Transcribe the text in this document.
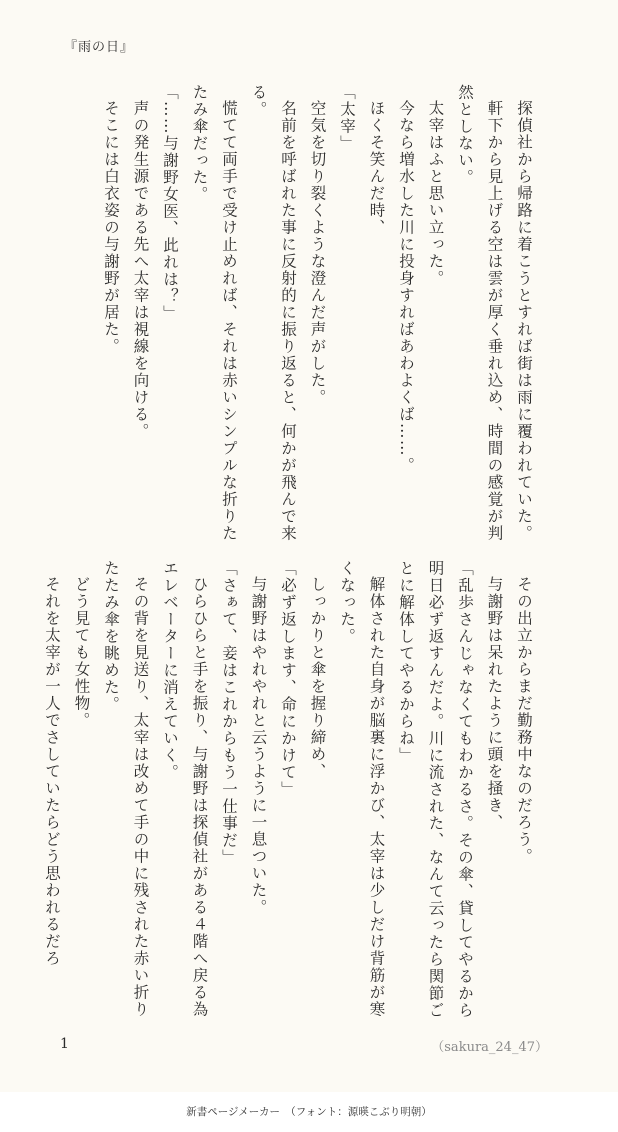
『雨の日』

探偵社から帰路に着こうとすれば街は雨に覆われていた。

軒下から見上げる空は雲が厚く垂れ込め、時間の感覚が判然としない。

太宰はふと思い立った。

今なら増水した川に投身すればあわよくば……。

ほくそ笑んだ時、

「太宰」

空気を切り裂くような澄んだ声がした。

名前を呼ばれた事に反射的に振り返ると、何かが飛んで来る。

慌てて両手で受け止めれば、それは赤いシンプルな折りたたみ傘だった。

「……与謝野女医、此れは？」

声の発生源である先へ太宰は視線を向ける。

そこには白衣姿の与謝野が居た。

その出立からまだ勤務中なのだろう。

与謝野は呆れたように頭を掻き、

「乱歩さんじゃなくてもわかるさ。その傘、貸してやるから明日必ず返すんだよ。川に流された、なんて云ったら関節ごとに解体してやるからね」

解体された自身が脳裏に浮かび、太宰は少しだけ背筋が寒くなった。

しっかりと傘を握り締め、

「必ず返します、命にかけて」

与謝野はやれやれと云うように一息ついた。

「さぁて、妾はこれからもう一仕事だ」

ひらひらと手を振り、与謝野は探偵社がある４階へ戻る為エレベーターに消えていく。

その背を見送り、太宰は改めて手の中に残された赤い折りたたみ傘を眺めた。

どう見ても女性物。

それを太宰が一人でさしていたらどう思われるだろ

1	（sakura_24_47）
新書ページメーカー　（フォント：源暎こぶり明朝）
